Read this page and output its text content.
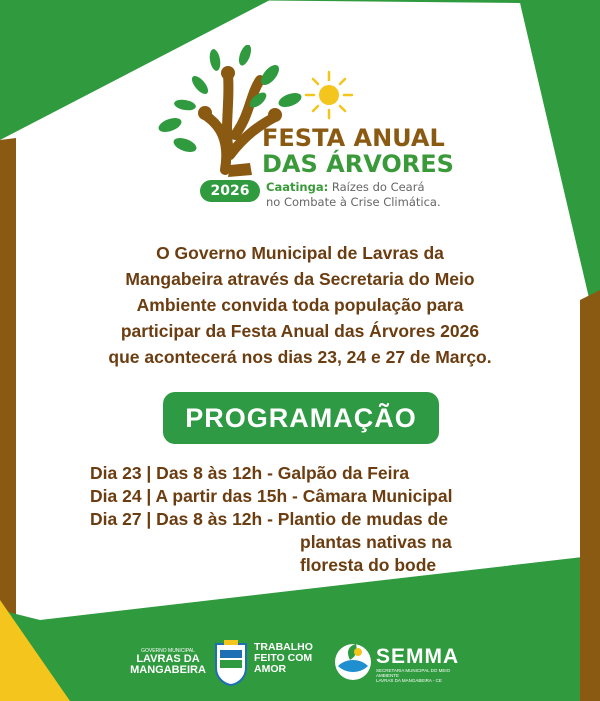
FESTA ANUAL
DAS ÁRVORES
2026	Caatinga: Raízes do Ceará
no Combate à Crise Climática.
O Governo Municipal de Lavras da
Mangabeira através da Secretaria do Meio
Ambiente convida toda população para
participar da Festa Anual das Árvores 2026
que acontecerá nos dias 23, 24 e 27 de Março.
PROGRAMAÇÃO
Dia 23 | Das 8 às 12h - Galpão da Feira
Dia 24 | A partir das 15h - Câmara Municipal
Dia 27 | Das 8 às 12h - Plantio de mudas de
plantas nativas na
floresta do bode
GOVERNO MUNICIPAL
LAVRAS DA
MANGABEIRA
TRABALHO
FEITO COM
AMOR
SEMMA
SECRETARIA MUNICIPAL DO MEIO AMBIENTE
LAVRAS DA MANGABEIRA - CE
